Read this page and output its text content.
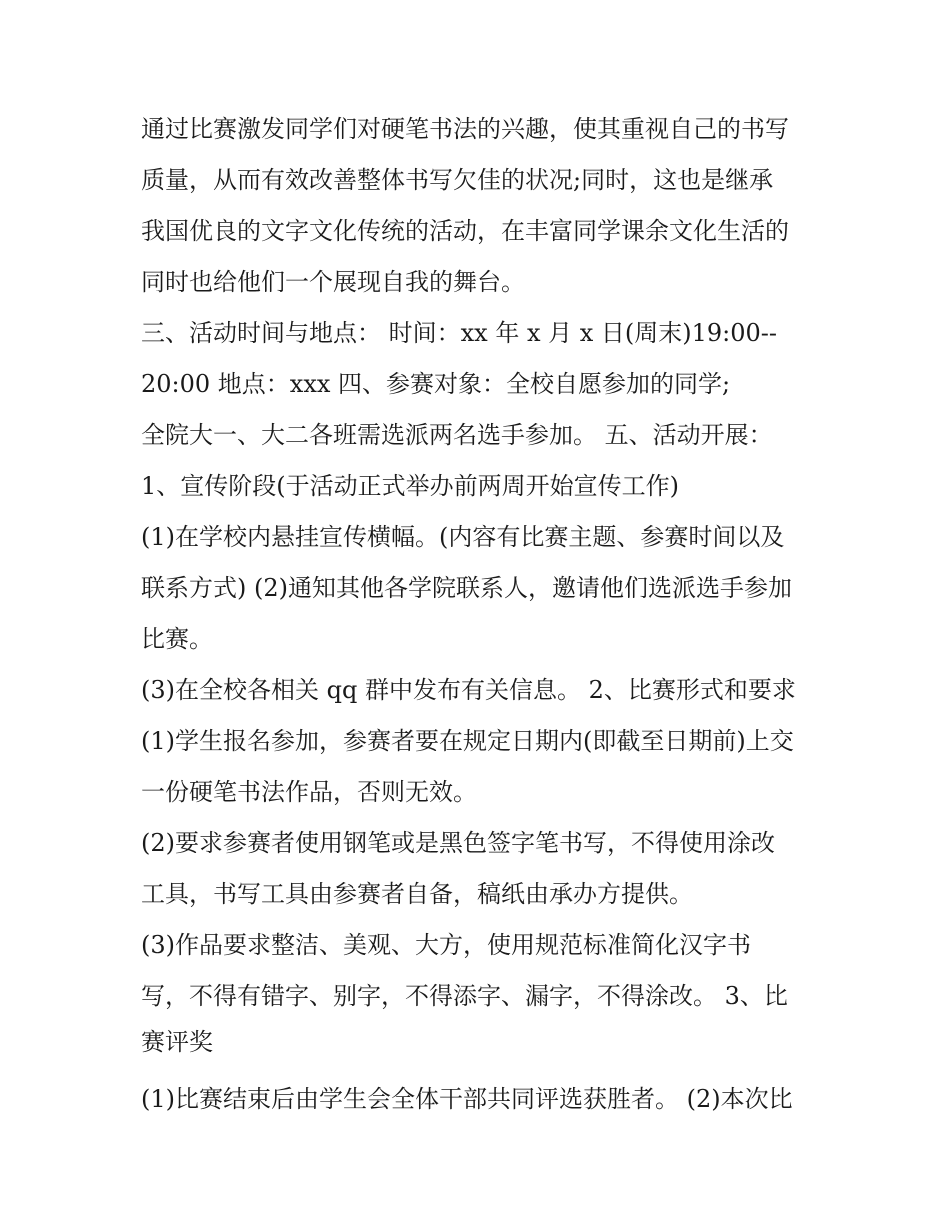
通过比赛激发同学们对硬笔书法的兴趣，使其重视自己的书写
质量，从而有效改善整体书写欠佳的状况;同时，这也是继承
我国优良的文字文化传统的活动，在丰富同学课余文化生活的
同时也给他们一个展现自我的舞台。
三、活动时间与地点： 时间：xx 年 x 月 x 日(周末)19:00--
20:00 地点：xxx 四、参赛对象：全校自愿参加的同学;
全院大一、大二各班需选派两名选手参加。 五、活动开展：
1、宣传阶段(于活动正式举办前两周开始宣传工作)
(1)在学校内悬挂宣传横幅。(内容有比赛主题、参赛时间以及
联系方式) (2)通知其他各学院联系人，邀请他们选派选手参加
比赛。
(3)在全校各相关 qq 群中发布有关信息。 2、比赛形式和要求
(1)学生报名参加，参赛者要在规定日期内(即截至日期前)上交
一份硬笔书法作品，否则无效。
(2)要求参赛者使用钢笔或是黑色签字笔书写，不得使用涂改
工具，书写工具由参赛者自备，稿纸由承办方提供。
(3)作品要求整洁、美观、大方，使用规范标准简化汉字书
写，不得有错字、别字，不得添字、漏字，不得涂改。 3、比
赛评奖
(1)比赛结束后由学生会全体干部共同评选获胜者。 (2)本次比
